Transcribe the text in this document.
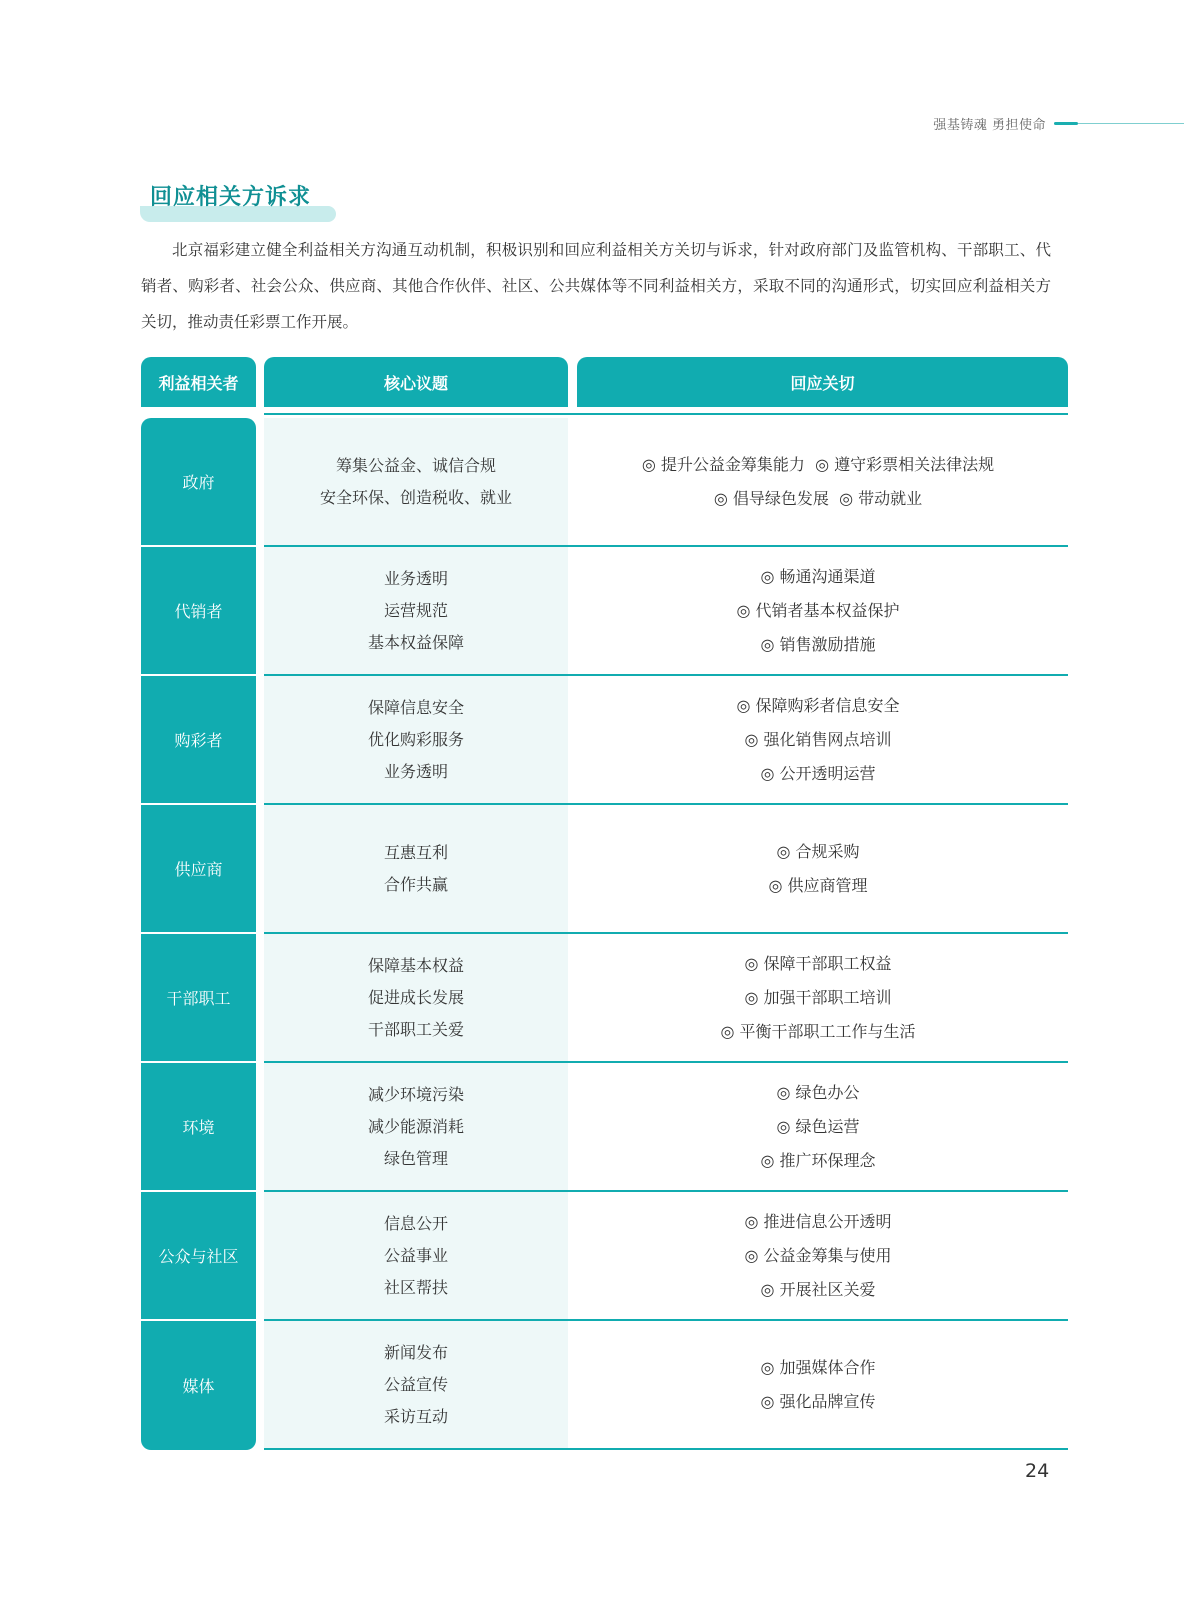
强基铸魂 勇担使命
回应相关方诉求

北京福彩建立健全利益相关方沟通互动机制，积极识别和回应利益相关方关切与诉求，针对政府部门及监管机构、干部职工、代销者、购彩者、社会公众、供应商、其他合作伙伴、社区、公共媒体等不同利益相关方，采取不同的沟通形式，切实回应利益相关方关切，推动责任彩票工作开展。

利益相关者	核心议题	回应关切
政府
筹集公益金、诚信合规
安全环保、创造税收、就业
◎ 提升公益金筹集能力  ◎ 遵守彩票相关法律法规
◎ 倡导绿色发展  ◎ 带动就业
代销者
业务透明
运营规范
基本权益保障
◎ 畅通沟通渠道
◎ 代销者基本权益保护
◎ 销售激励措施
购彩者
保障信息安全
优化购彩服务
业务透明
◎ 保障购彩者信息安全
◎ 强化销售网点培训
◎ 公开透明运营
供应商
互惠互利
合作共赢
◎ 合规采购
◎ 供应商管理
干部职工
保障基本权益
促进成长发展
干部职工关爱
◎ 保障干部职工权益
◎ 加强干部职工培训
◎ 平衡干部职工工作与生活
环境
减少环境污染
减少能源消耗
绿色管理
◎ 绿色办公
◎ 绿色运营
◎ 推广环保理念
公众与社区
信息公开
公益事业
社区帮扶
◎ 推进信息公开透明
◎ 公益金筹集与使用
◎ 开展社区关爱
媒体
新闻发布
公益宣传
采访互动
◎ 加强媒体合作
◎ 强化品牌宣传
24
